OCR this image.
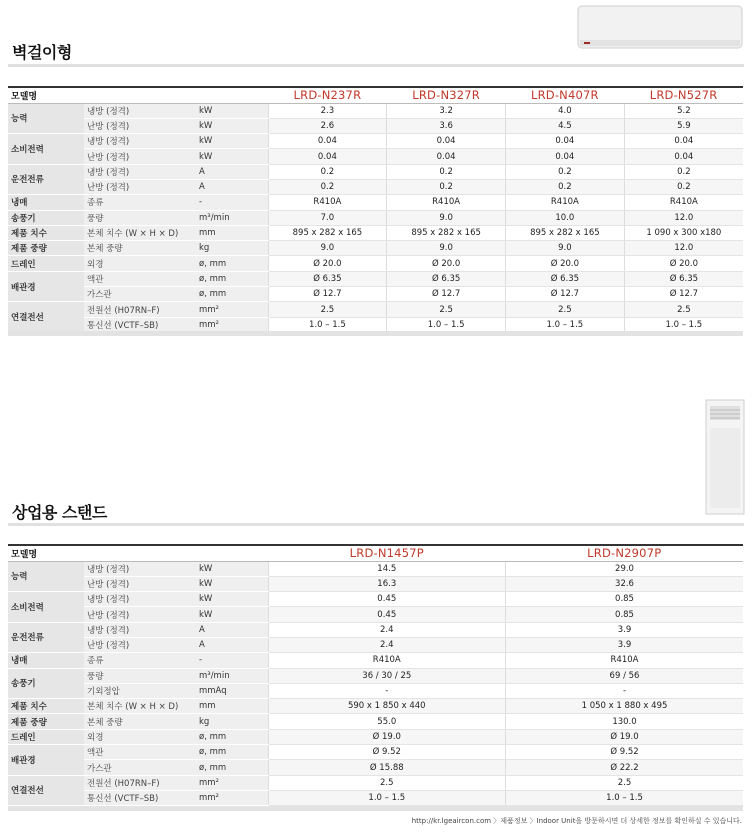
벽걸이형
모델명			LRD-N237R	LRD-N327R	LRD-N407R	LRD-N527R
능력	냉방 (정격)	kW	2.3	3.2	4.0	5.2
	난방 (정격)	kW	2.6	3.6	4.5	5.9
소비전력	냉방 (정격)	kW	0.04	0.04	0.04	0.04
	난방 (정격)	kW	0.04	0.04	0.04	0.04
운전전류	냉방 (정격)	A	0.2	0.2	0.2	0.2
	난방 (정격)	A	0.2	0.2	0.2	0.2
냉매	종류	-	R410A	R410A	R410A	R410A
송풍기	풍량	m³/min	7.0	9.0	10.0	12.0
제품 치수	본체 치수 (W × H × D)	mm	895 x 282 x 165	895 x 282 x 165	895 x 282 x 165	1 090 x 300 x180
제품 중량	본체 중량	kg	9.0	9.0	9.0	12.0
드레인	외경	ø, mm	Ø 20.0	Ø 20.0	Ø 20.0	Ø 20.0
배관경	액관	ø, mm	Ø 6.35	Ø 6.35	Ø 6.35	Ø 6.35
	가스관	ø, mm	Ø 12.7	Ø 12.7	Ø 12.7	Ø 12.7
연결전선	전원선 (H07RN–F)	mm²	2.5	2.5	2.5	2.5
	통신선 (VCTF–SB)	mm²	1.0 – 1.5	1.0 – 1.5	1.0 – 1.5	1.0 – 1.5
상업용 스탠드
모델명			LRD-N1457P	LRD-N2907P
능력	냉방 (정격)	kW	14.5	29.0
	난방 (정격)	kW	16.3	32.6
소비전력	냉방 (정격)	kW	0.45	0.85
	난방 (정격)	kW	0.45	0.85
운전전류	냉방 (정격)	A	2.4	3.9
	난방 (정격)	A	2.4	3.9
냉매	종류	-	R410A	R410A
송풍기	풍량	m³/min	36 / 30 / 25	69 / 56
	기외정압	mmAq	-	-
제품 치수	본체 치수 (W × H × D)	mm	590 x 1 850 x 440	1 050 x 1 880 x 495
제품 중량	본체 중량	kg	55.0	130.0
드레인	외경	ø, mm	Ø 19.0	Ø 19.0
배관경	액관	ø, mm	Ø 9.52	Ø 9.52
	가스관	ø, mm	Ø 15.88	Ø 22.2
연결전선	전원선 (H07RN–F)	mm²	2.5	2.5
	통신선 (VCTF–SB)	mm²	1.0 – 1.5	1.0 – 1.5
http://kr.lgeaircon.com 〉제품정보 〉Indoor Unit을 방문하시면 더 상세한 정보를 확인하실 수 있습니다.
